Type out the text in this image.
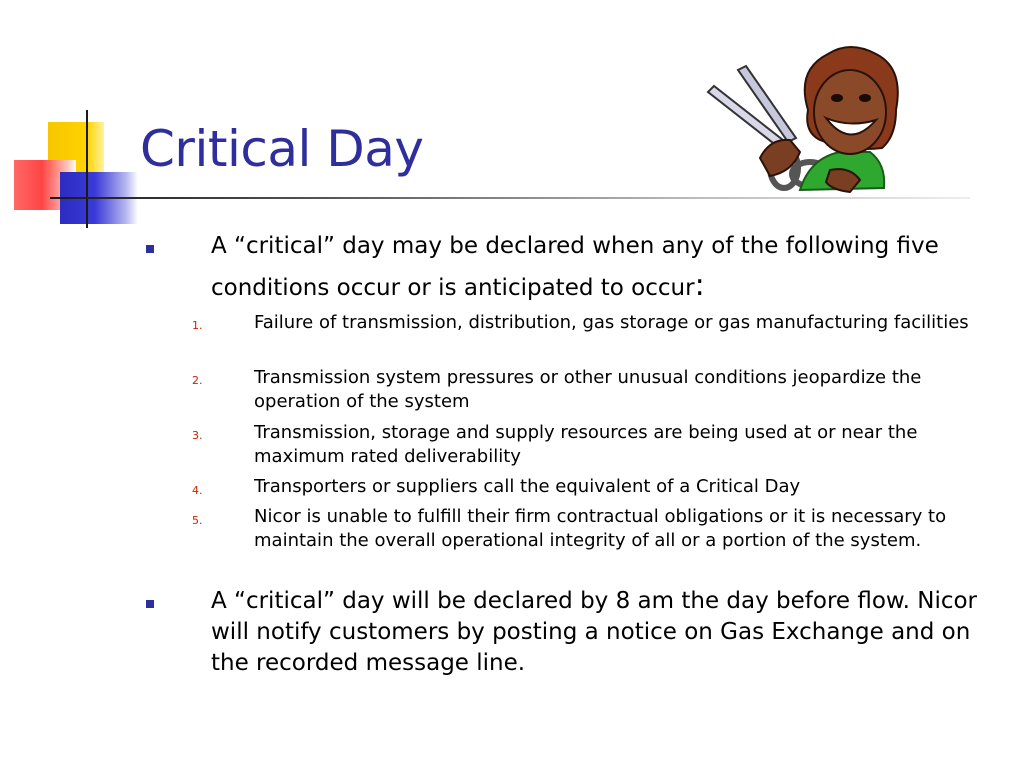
Critical Day
A “critical” day may be declared when any of the following five conditions occur or is anticipated to occur:
1.	Failure of transmission, distribution, gas storage or gas manufacturing facilities
2.	Transmission system pressures or other unusual conditions jeopardize the operation of the system
3.	Transmission, storage and supply resources are being used at or near the maximum rated deliverability
4.	Transporters or suppliers call the equivalent of a Critical Day
5.	Nicor is unable to fulfill their firm contractual obligations or it is necessary to maintain the overall operational integrity of all or a portion of the system.
A “critical” day will be declared by 8 am the day before flow. Nicor will notify customers by posting a notice on Gas Exchange and on the recorded message line.
